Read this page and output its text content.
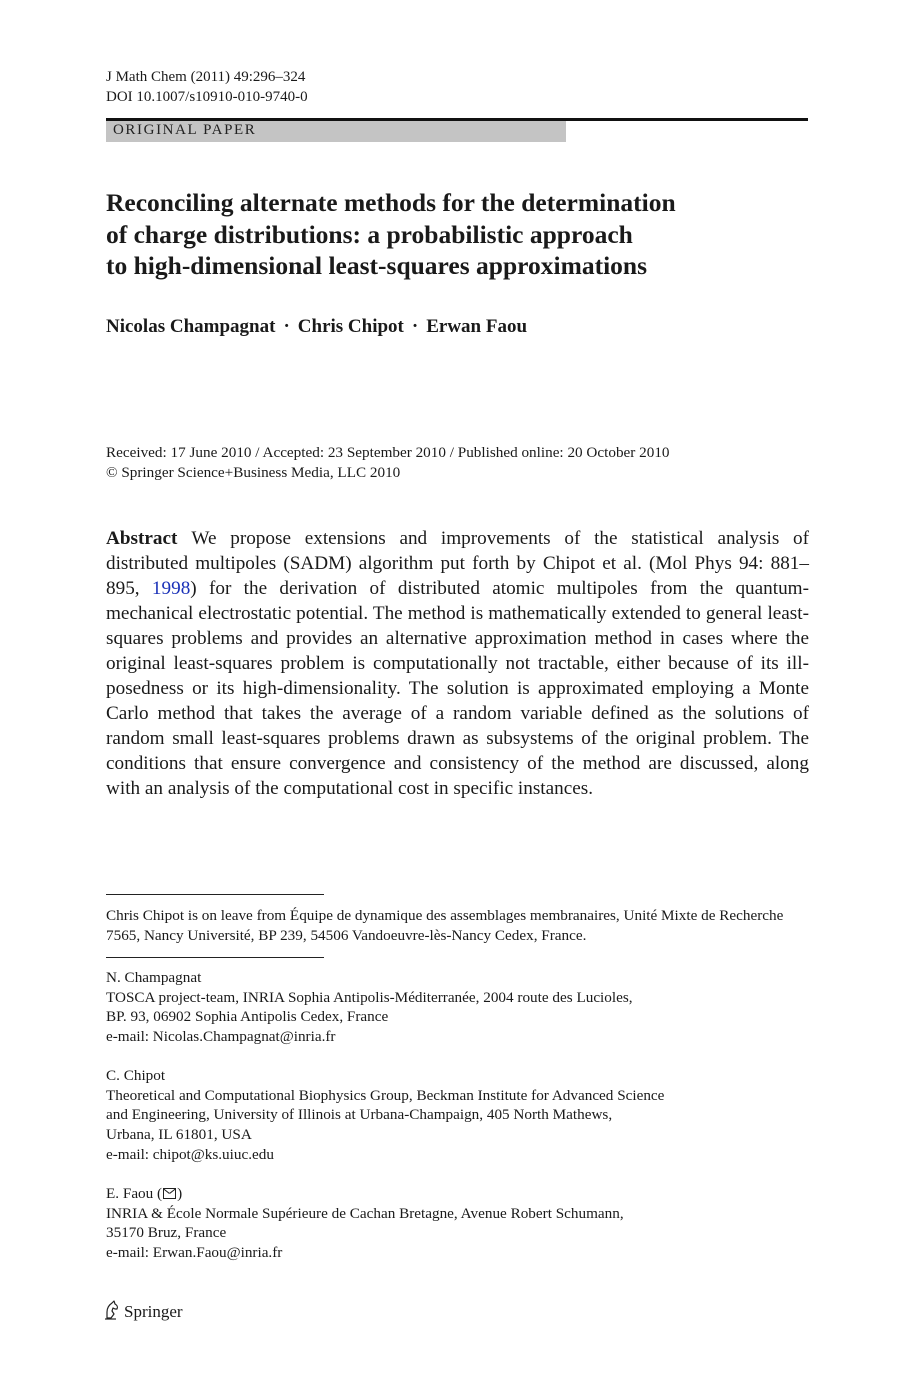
J Math Chem (2011) 49:296–324
DOI 10.1007/s10910-010-9740-0
ORIGINAL PAPER
Reconciling alternate methods for the determination
of charge distributions: a probabilistic approach
to high-dimensional least-squares approximations
Nicolas Champagnat · Chris Chipot · Erwan Faou
Received: 17 June 2010 / Accepted: 23 September 2010 / Published online: 20 October 2010
© Springer Science+Business Media, LLC 2010

Abstract We propose extensions and improvements of the statistical analysis of distributed multipoles (SADM) algorithm put forth by Chipot et al. (Mol Phys 94: 881–895, 1998) for the derivation of distributed atomic multipoles from the quantum-mechanical electrostatic potential. The method is mathematically extended to general least-squares problems and provides an alternative approximation method in cases where the original least-squares problem is computationally not tractable, either because of its ill-posedness or its high-dimensionality. The solution is approximated employing a Monte Carlo method that takes the average of a random variable defined as the solutions of random small least-squares problems drawn as subsystems of the original problem. The conditions that ensure convergence and consistency of the method are discussed, along with an analysis of the computational cost in specific instances.

Chris Chipot is on leave from Équipe de dynamique des assemblages membranaires, Unité Mixte de Recherche 7565, Nancy Université, BP 239, 54506 Vandoeuvre-lès-Nancy Cedex, France.

N. Champagnat
TOSCA project-team, INRIA Sophia Antipolis-Méditerranée, 2004 route des Lucioles,
BP. 93, 06902 Sophia Antipolis Cedex, France
e-mail: Nicolas.Champagnat@inria.fr
C. Chipot
Theoretical and Computational Biophysics Group, Beckman Institute for Advanced Science
and Engineering, University of Illinois at Urbana-Champaign, 405 North Mathews,
Urbana, IL 61801, USA
e-mail: chipot@ks.uiuc.edu
E. Faou ( )
INRIA & École Normale Supérieure de Cachan Bretagne, Avenue Robert Schumann,
35170 Bruz, France
e-mail: Erwan.Faou@inria.fr
Springer
